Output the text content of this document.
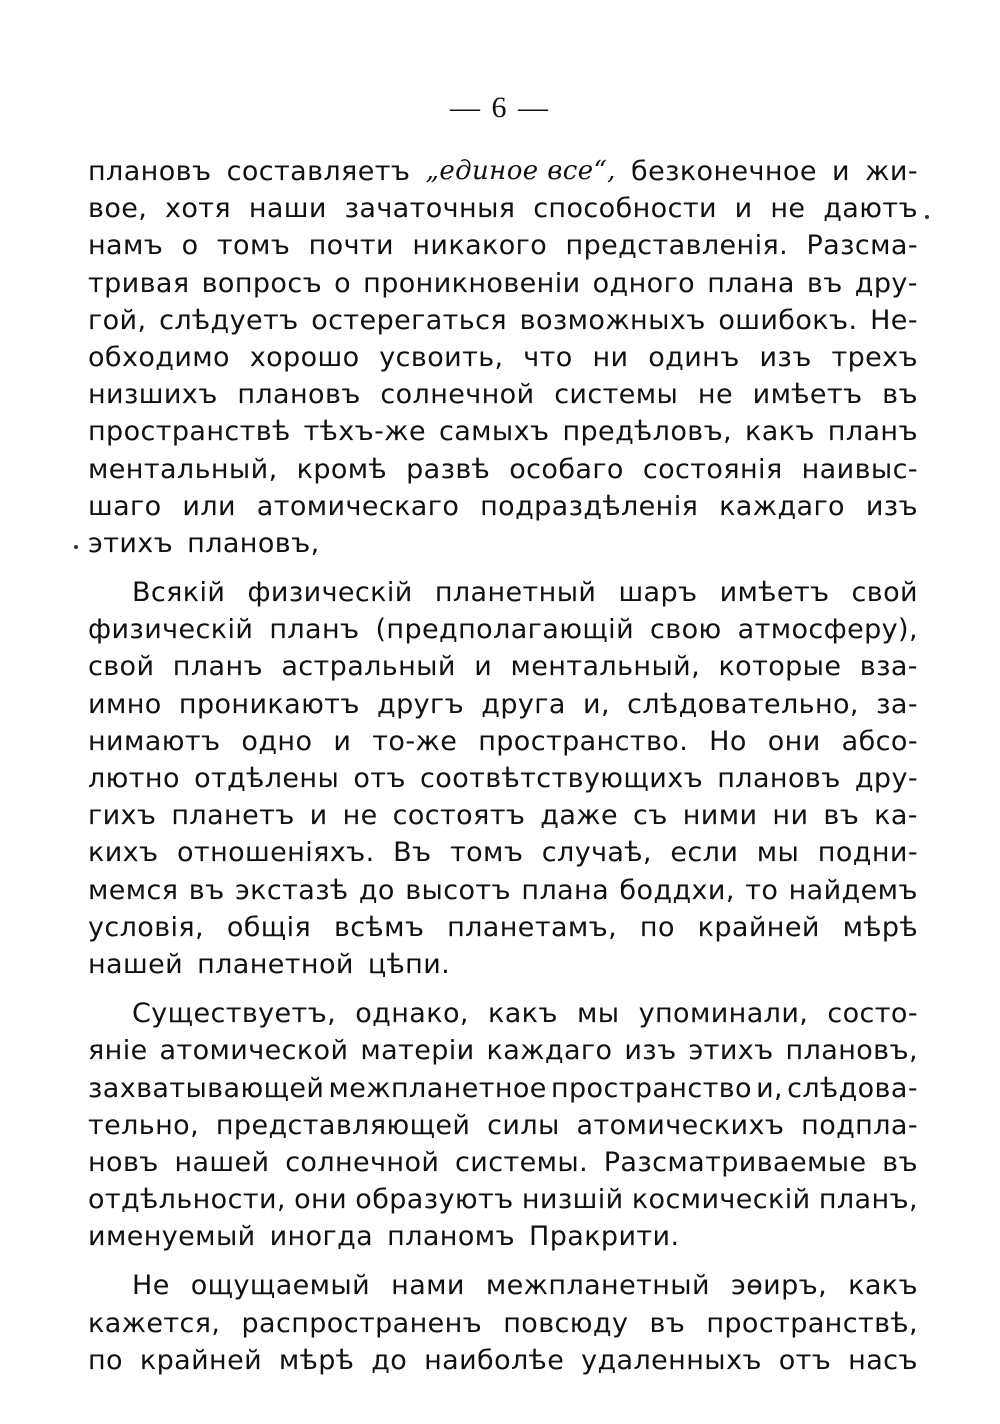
— 6 —
плановъ составляетъ „единое все“, безконечное и жи-
вое, хотя наши зачаточныя способности и не даютъ
намъ о томъ почти никакого представленія. Разсма-
тривая вопросъ о проникновеніи одного плана въ дру-
гой, слѣдуетъ остерегаться возможныхъ ошибокъ. Не-
обходимо хорошо усвоить, что ни одинъ изъ трехъ
низшихъ плановъ солнечной системы не имѣетъ въ
пространствѣ тѣхъ-же самыхъ предѣловъ, какъ планъ
ментальный, кромѣ развѣ особаго состоянія наивыс-
шаго или атомическаго подраздѣленія каждаго изъ
этихъ плановъ,
Всякій физическій планетный шаръ имѣетъ свой
физическій планъ (предполагающій свою атмосферу),
свой планъ астральный и ментальный, которые вза-
имно проникаютъ другъ друга и, слѣдовательно, за-
нимаютъ одно и то-же пространство. Но они абсо-
лютно отдѣлены отъ соотвѣтствующихъ плановъ дру-
гихъ планетъ и не состоятъ даже съ ними ни въ ка-
кихъ отношеніяхъ. Въ томъ случаѣ, если мы подни-
мемся въ экстазѣ до высотъ плана боддхи, то найдемъ
условія, общія всѣмъ планетамъ, по крайней мѣрѣ
нашей планетной цѣпи.
Существуетъ, однако, какъ мы упоминали, состо-
яніе атомической матеріи каждаго изъ этихъ плановъ,
захватывающей межпланетное пространство и, слѣдова-
тельно, представляющей силы атомическихъ подпла-
новъ нашей солнечной системы. Разсматриваемые въ
отдѣльности, они образуютъ низшій космическій планъ,
именуемый иногда планомъ Пракрити.
Не ощущаемый нами межпланетный эѳиръ, какъ
кажется, распространенъ повсюду въ пространствѣ,
по крайней мѣрѣ до наиболѣе удаленныхъ отъ насъ
